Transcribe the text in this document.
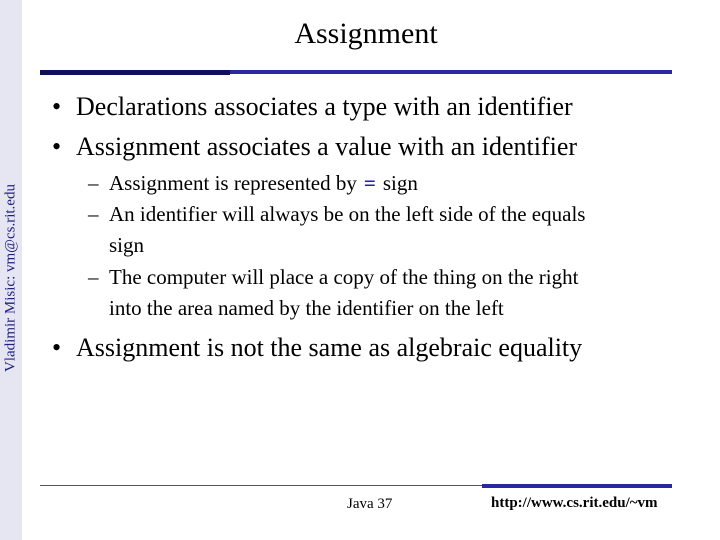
Vladimir Misic: vm@cs.rit.edu
Assignment
• Declarations associates a type with an identifier
• Assignment associates a value with an identifier
– Assignment is represented by = sign
– An identifier will always be on the left side of the equals
sign
– The computer will place a copy of the thing on the right
into the area named by the identifier on the left
• Assignment is not the same as algebraic equality
Java 37	http://www.cs.rit.edu/~vm
